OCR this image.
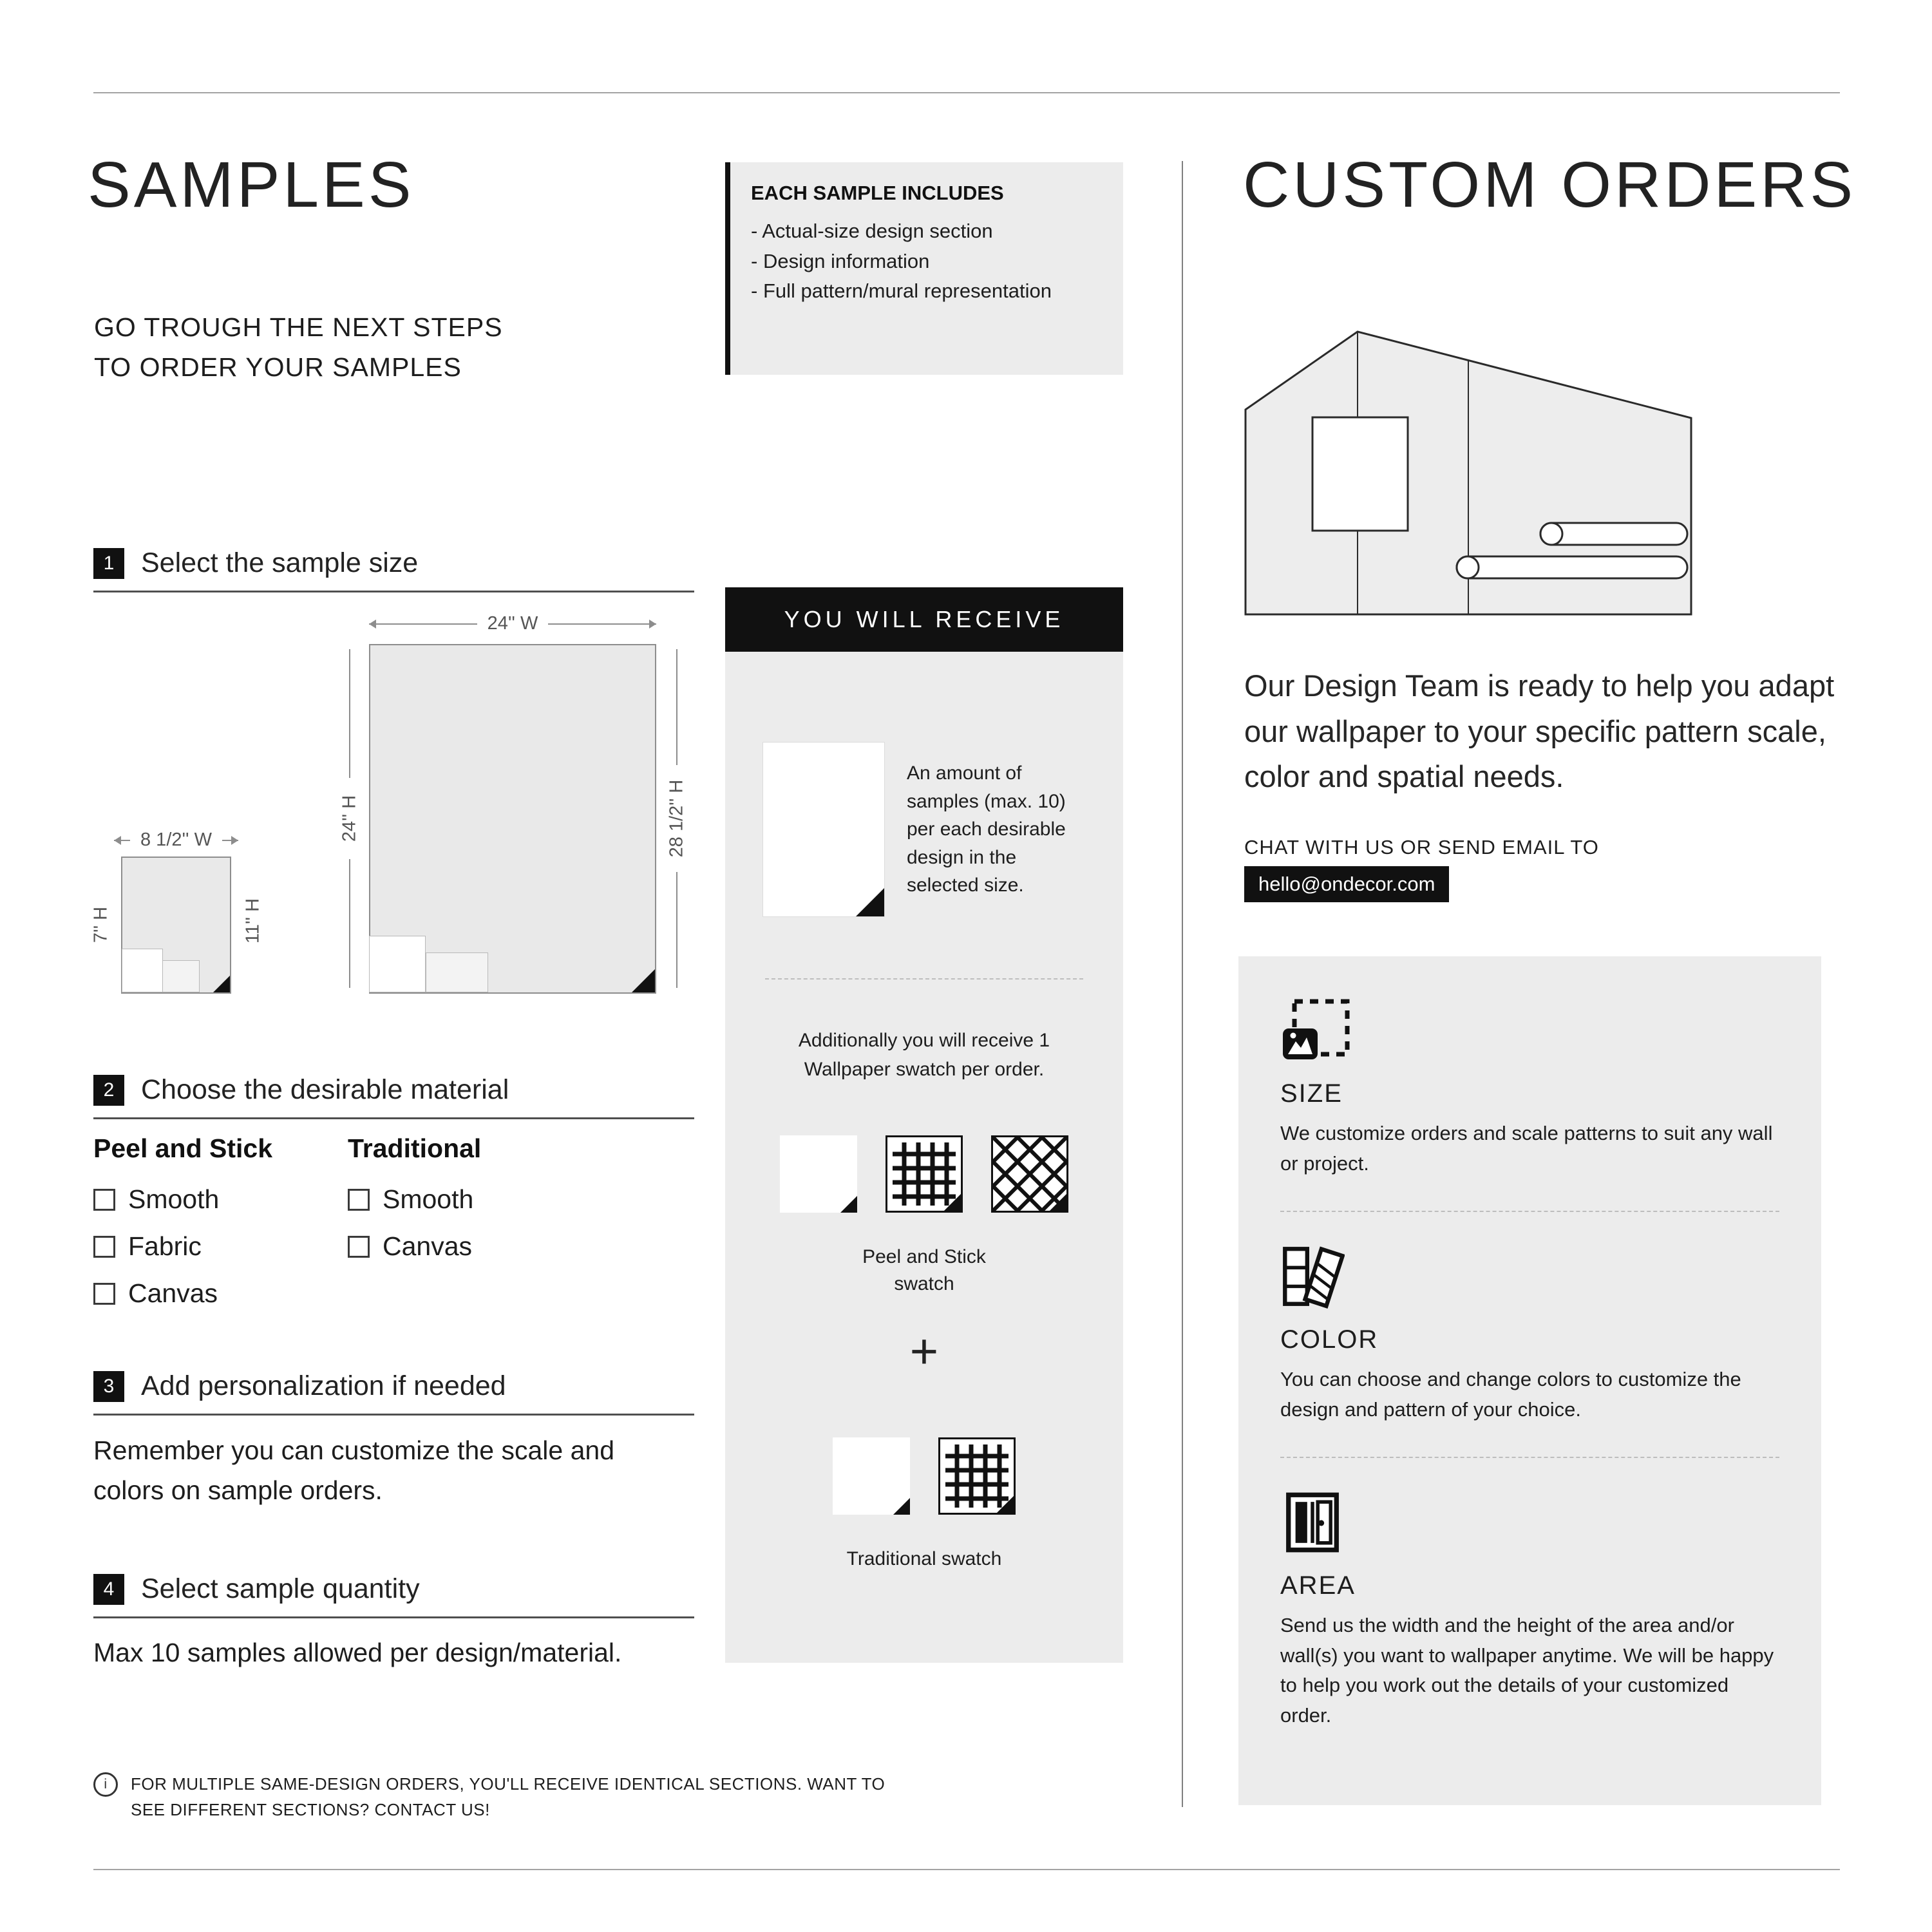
SAMPLES
GO TROUGH THE NEXT STEPS
TO ORDER YOUR SAMPLES
EACH SAMPLE INCLUDES
- Actual-size design section
- Design information
- Full pattern/mural representation
1 Select the sample size
24'' W
24'' H	28 1/2'' H
8 1/2'' W
7'' H	11'' H
2 Choose the desirable material
Peel and Stick
Smooth
Fabric
Canvas
Traditional
Smooth
Canvas
3 Add personalization if needed
Remember you can customize the scale and colors on sample orders.
4 Select sample quantity
Max 10 samples allowed per design/material.
i	FOR MULTIPLE SAME-DESIGN ORDERS, YOU'LL RECEIVE IDENTICAL SECTIONS. WANT TO SEE DIFFERENT SECTIONS? CONTACT US!
YOU WILL RECEIVE
An amount of samples (max. 10) per each desirable design in the selected size.
Additionally you will receive 1 Wallpaper swatch per order.
Peel and Stick swatch
+
Traditional swatch
CUSTOM ORDERS
Our Design Team is ready to help you adapt our wallpaper to your specific pattern scale, color and spatial needs.
CHAT WITH US OR SEND EMAIL TO
hello@ondecor.com
SIZE
We customize orders and scale patterns to suit any wall or project.
COLOR
You can choose and change colors to customize the design and pattern of your choice.
AREA
Send us the width and the height of the area and/or wall(s) you want to wallpaper anytime. We will be happy to help you work out the details of your customized order.
